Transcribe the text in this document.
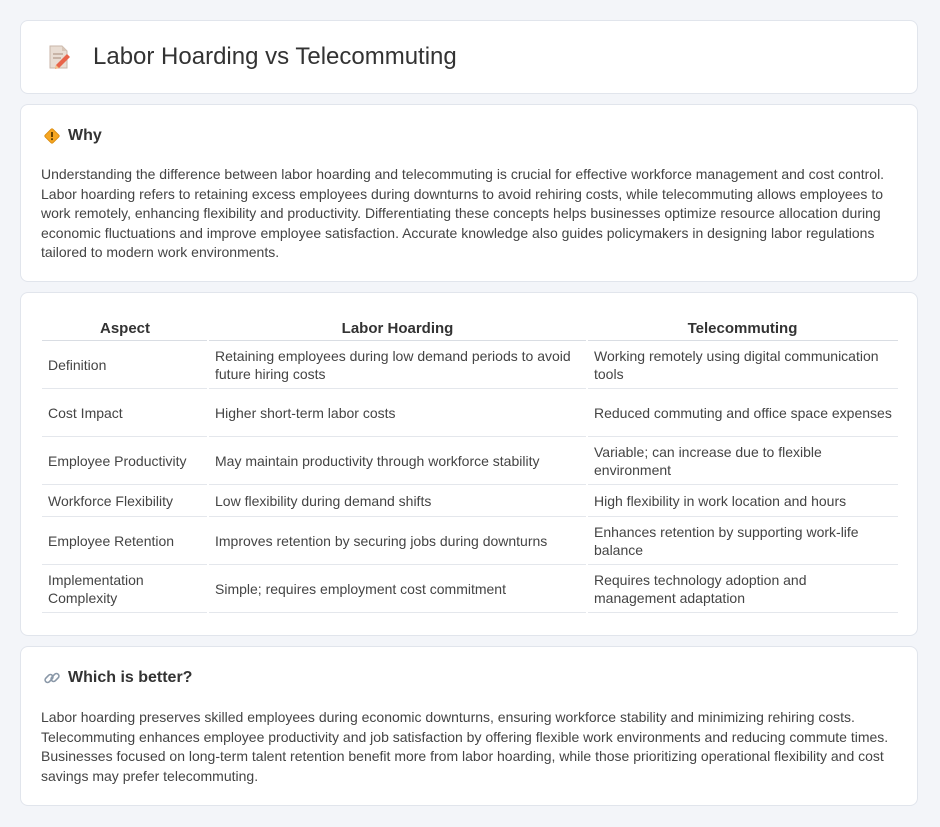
Labor Hoarding vs Telecommuting
Why

Understanding the difference between labor hoarding and telecommuting is crucial for effective workforce management and cost control. Labor hoarding refers to retaining excess employees during downturns to avoid rehiring costs, while telecommuting allows employees to work remotely, enhancing flexibility and productivity. Differentiating these concepts helps businesses optimize resource allocation during economic fluctuations and improve employee satisfaction. Accurate knowledge also guides policymakers in designing labor regulations tailored to modern work environments.

Aspect	Labor Hoarding	Telecommuting
Definition	Retaining employees during low demand periods to avoid future hiring costs	Working remotely using digital communication tools
Cost Impact	Higher short-term labor costs	Reduced commuting and office space expenses
Employee Productivity	May maintain productivity through workforce stability	Variable; can increase due to flexible environment
Workforce Flexibility	Low flexibility during demand shifts	High flexibility in work location and hours
Employee Retention	Improves retention by securing jobs during downturns	Enhances retention by supporting work-life balance
Implementation Complexity	Simple; requires employment cost commitment	Requires technology adoption and management adaptation
Which is better?

Labor hoarding preserves skilled employees during economic downturns, ensuring workforce stability and minimizing rehiring costs. Telecommuting enhances employee productivity and job satisfaction by offering flexible work environments and reducing commute times. Businesses focused on long-term talent retention benefit more from labor hoarding, while those prioritizing operational flexibility and cost savings may prefer telecommuting.
